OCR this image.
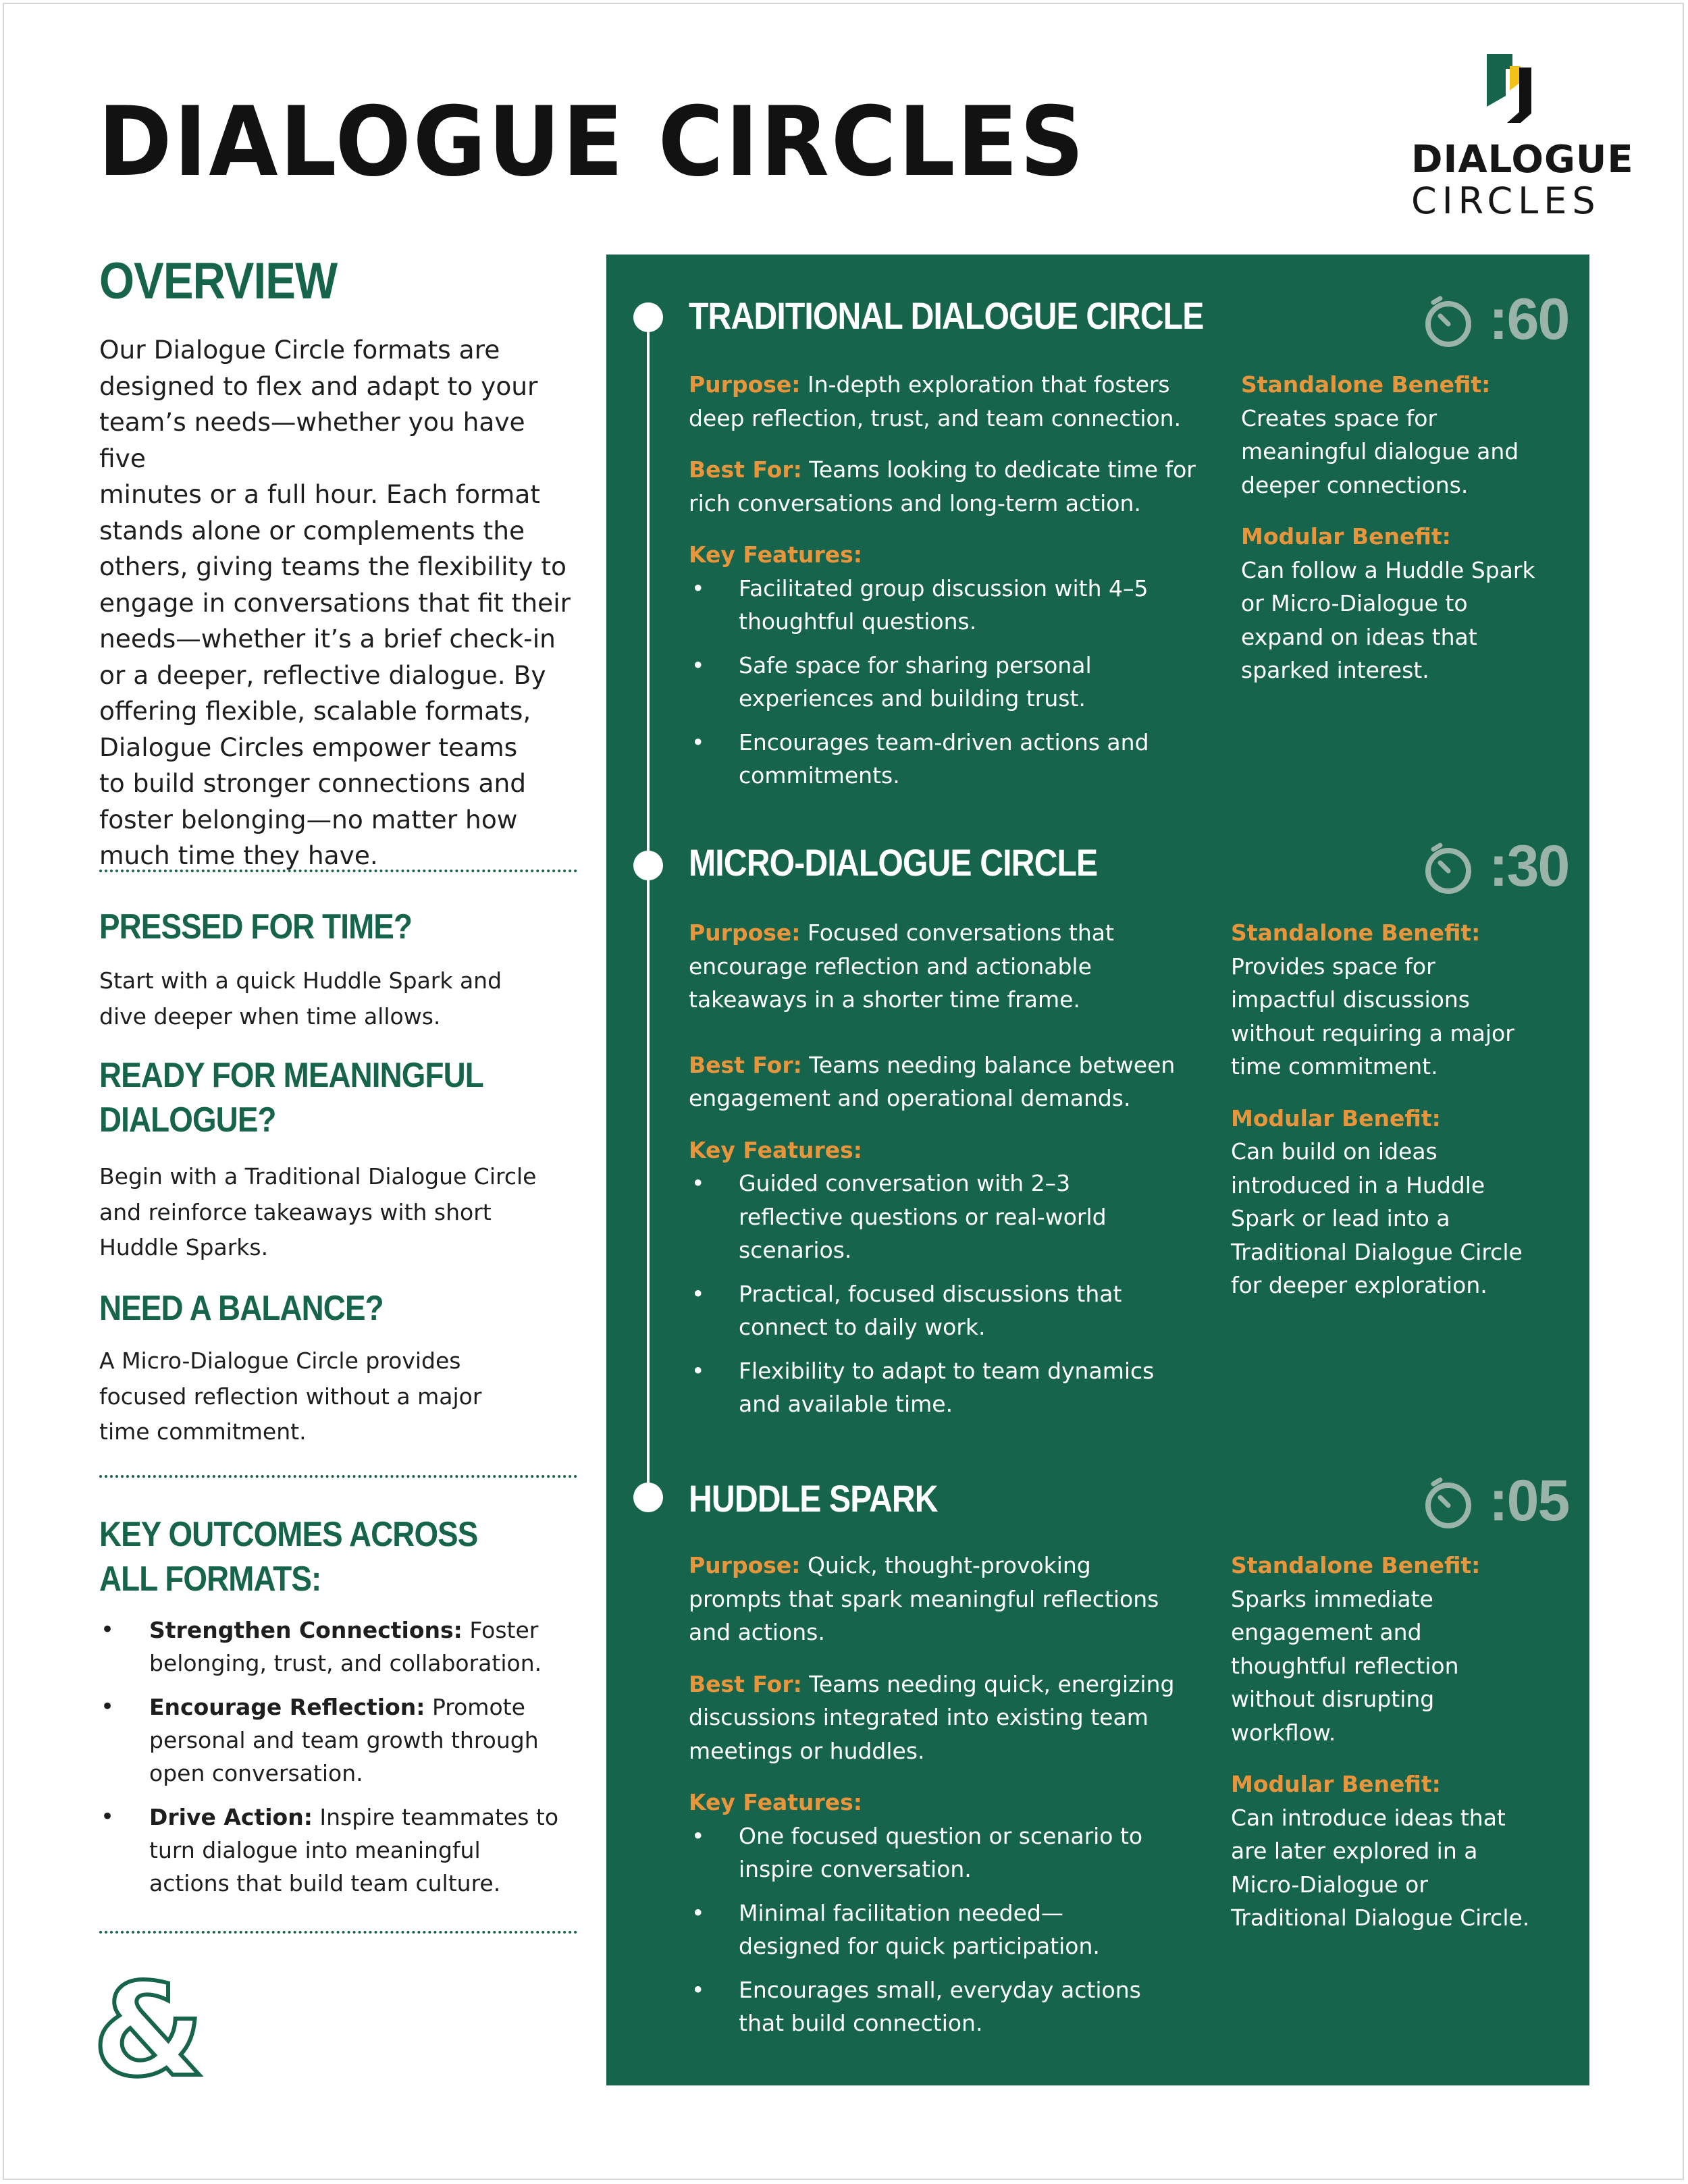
DIALOGUE CIRCLES	DIALOGUE
CIRCLES
OVERVIEW

Our Dialogue Circle formats are

designed to flex and adapt to your

team’s needs—whether you have five

minutes or a full hour. Each format

stands alone or complements the

others, giving teams the flexibility to

engage in conversations that fit their

needs—whether it’s a brief check-in

or a deeper, reflective dialogue. By

offering flexible, scalable formats,

Dialogue Circles empower teams

to build stronger connections and

foster belonging—no matter how

much time they have.

PRESSED FOR TIME?

Start with a quick Huddle Spark and

dive deeper when time allows.

READY FOR MEANINGFUL
DIALOGUE?

Begin with a Traditional Dialogue Circle

and reinforce takeaways with short

Huddle Sparks.

NEED A BALANCE?

A Micro-Dialogue Circle provides

focused reflection without a major

time commitment.

KEY OUTCOMES ACROSS
ALL FORMATS:
• Strengthen Connections: Foster belonging, trust, and collaboration.
• Encourage Reflection: Promote personal and team growth through open conversation.
• Drive Action: Inspire teammates to turn dialogue into meaningful actions that build team culture.
&
TRADITIONAL DIALOGUE CIRCLE	:60

Purpose: In-depth exploration that fosters deep reflection, trust, and team connection.

Best For: Teams looking to dedicate time for rich conversations and long-term action.

Key Features:

• Facilitated group discussion with 4–5 thoughtful questions.
• Safe space for sharing personal experiences and building trust.
• Encourages team-driven actions and commitments.

Standalone Benefit:

Creates space for meaningful dialogue and deeper connections.

Modular Benefit:

Can follow a Huddle Spark or Micro-Dialogue to expand on ideas that sparked interest.

MICRO-DIALOGUE CIRCLE	:30

Purpose: Focused conversations that encourage reflection and actionable takeaways in a shorter time frame.

Best For: Teams needing balance between engagement and operational demands.

Key Features:

• Guided conversation with 2–3 reflective questions or real-world scenarios.
• Practical, focused discussions that connect to daily work.
• Flexibility to adapt to team dynamics and available time.

Standalone Benefit:

Provides space for impactful discussions without requiring a major time commitment.

Modular Benefit:

Can build on ideas introduced in a Huddle Spark or lead into a Traditional Dialogue Circle for deeper exploration.

HUDDLE SPARK	:05

Purpose: Quick, thought-provoking prompts that spark meaningful reflections and actions.

Best For: Teams needing quick, energizing discussions integrated into existing team meetings or huddles.

Key Features:

• One focused question or scenario to inspire conversation.
• Minimal facilitation needed—designed for quick participation.
• Encourages small, everyday actions that build connection.

Standalone Benefit:

Sparks immediate engagement and thoughtful reflection without disrupting workflow.

Modular Benefit:

Can introduce ideas that are later explored in a Micro-Dialogue or Traditional Dialogue Circle.
